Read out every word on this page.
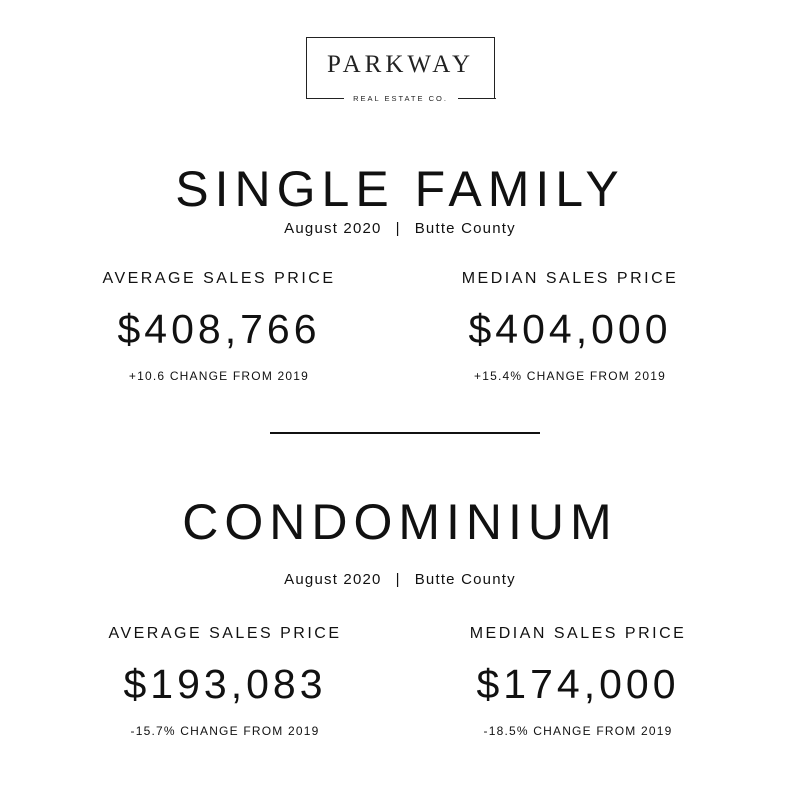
PARKWAY
REAL ESTATE CO.
SINGLE FAMILY
August 2020 | Butte County
AVERAGE SALES PRICE
$408,766
+10.6 CHANGE FROM 2019
MEDIAN SALES PRICE
$404,000
+15.4% CHANGE FROM 2019
CONDOMINIUM
August 2020 | Butte County
AVERAGE SALES PRICE
$193,083
-15.7% CHANGE FROM 2019
MEDIAN SALES PRICE
$174,000
-18.5% CHANGE FROM 2019
